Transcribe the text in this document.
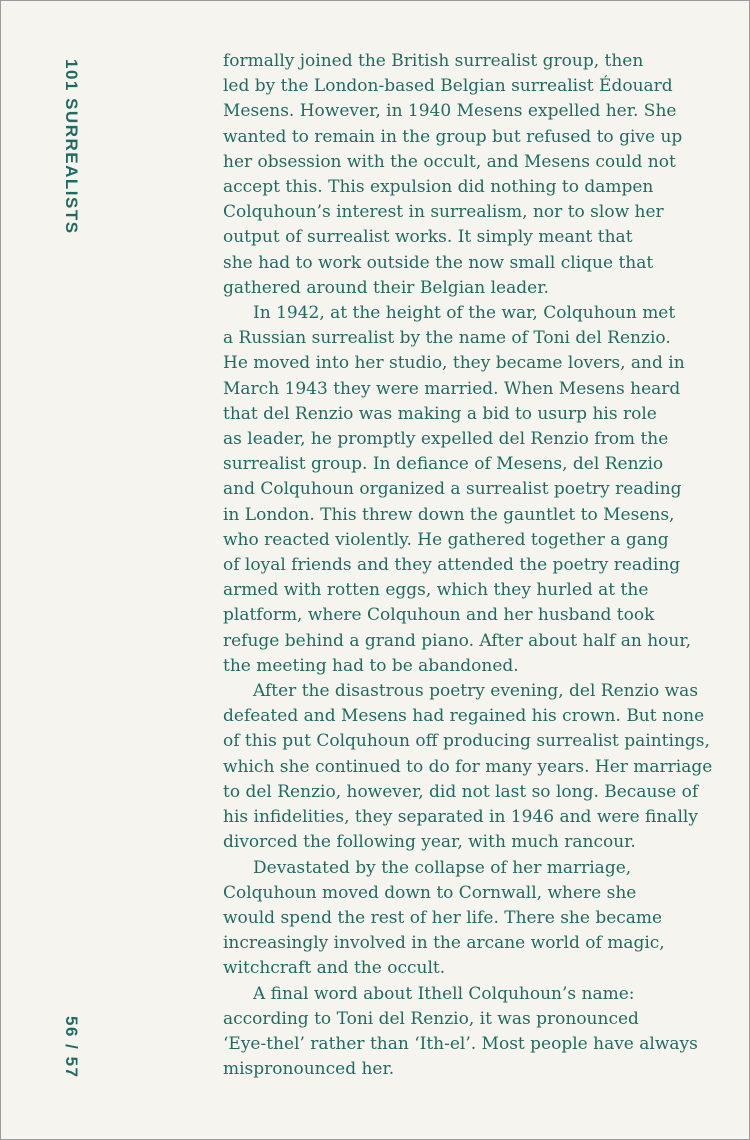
101 SURREALISTS
56 / 57

formally joined the British surrealist group, then
led by the London-based Belgian surrealist Édouard
Mesens. However, in 1940 Mesens expelled her. She
wanted to remain in the group but refused to give up
her obsession with the occult, and Mesens could not
accept this. This expulsion did nothing to dampen
Colquhoun’s interest in surrealism, nor to slow her
output of surrealist works. It simply meant that
she had to work outside the now small clique that
gathered around their Belgian leader.

In 1942, at the height of the war, Colquhoun met
a Russian surrealist by the name of Toni del Renzio.
He moved into her studio, they became lovers, and in
March 1943 they were married. When Mesens heard
that del Renzio was making a bid to usurp his role
as leader, he promptly expelled del Renzio from the
surrealist group. In defiance of Mesens, del Renzio
and Colquhoun organized a surrealist poetry reading
in London. This threw down the gauntlet to Mesens,
who reacted violently. He gathered together a gang
of loyal friends and they attended the poetry reading
armed with rotten eggs, which they hurled at the
platform, where Colquhoun and her husband took
refuge behind a grand piano. After about half an hour,
the meeting had to be abandoned.

After the disastrous poetry evening, del Renzio was
defeated and Mesens had regained his crown. But none
of this put Colquhoun off producing surrealist paintings,
which she continued to do for many years. Her marriage
to del Renzio, however, did not last so long. Because of
his infidelities, they separated in 1946 and were finally
divorced the following year, with much rancour.

Devastated by the collapse of her marriage,
Colquhoun moved down to Cornwall, where she
would spend the rest of her life. There she became
increasingly involved in the arcane world of magic,
witchcraft and the occult.

A final word about Ithell Colquhoun’s name:
according to Toni del Renzio, it was pronounced
‘Eye-thel’ rather than ‘Ith-el’. Most people have always
mispronounced her.
